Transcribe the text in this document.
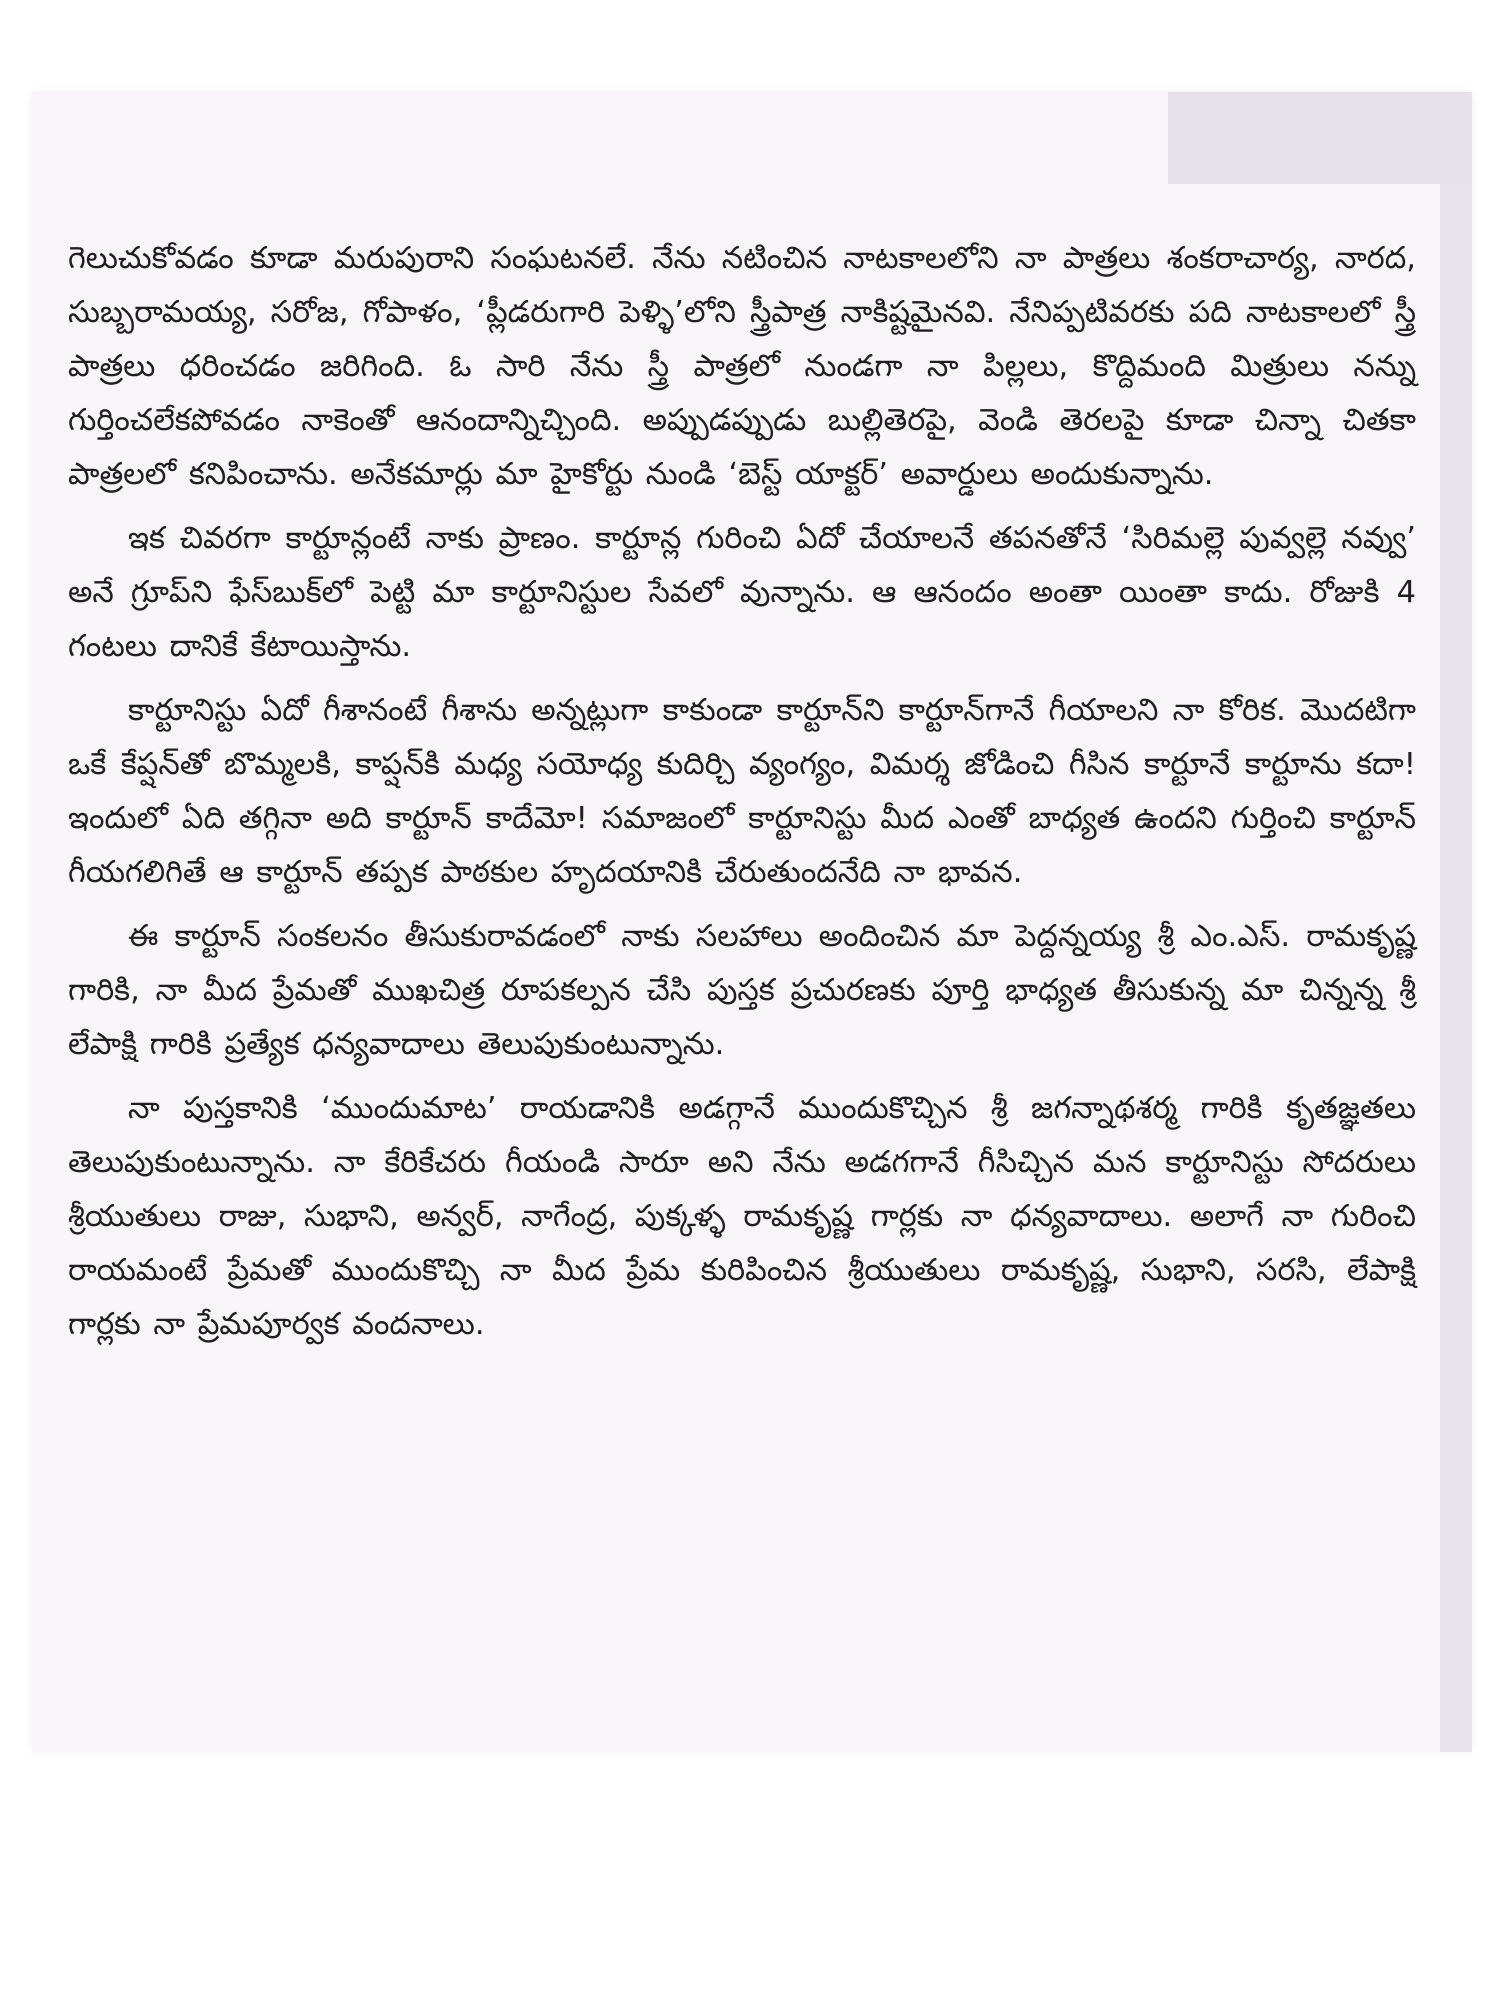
గెలుచుకోవడం కూడా మరుపురాని సంఘటనలే. నేను నటించిన నాటకాలలోని నా పాత్రలు శంకరాచార్య, నారద, సుబ్బరామయ్య, సరోజ, గోపాళం, ‘ప్లీడరుగారి పెళ్ళి’లోని స్త్రీపాత్ర నాకిష్టమైనవి. నేనిప్పటివరకు పది నాటకాలలో స్త్రీ పాత్రలు ధరించడం జరిగింది. ఓ సారి నేను స్త్రీ పాత్రలో నుండగా నా పిల్లలు, కొద్దిమంది మిత్రులు నన్ను గుర్తించలేకపోవడం నాకెంతో ఆనందాన్నిచ్చింది. అప్పుడప్పుడు బుల్లితెరపై, వెండి తెరలపై కూడా చిన్నా చితకా పాత్రలలో కనిపించాను. అనేకమార్లు మా హైకోర్టు నుండి ‘బెస్ట్ యాక్టర్’ అవార్డులు అందుకున్నాను.

ఇక చివరగా కార్టూన్లంటే నాకు ప్రాణం. కార్టూన్ల గురించి ఏదో చేయాలనే తపనతోనే ‘సిరిమల్లె పువ్వల్లె నవ్వు’ అనే గ్రూప్‌ని ఫేస్‌బుక్‌లో పెట్టి మా కార్టూనిస్టుల సేవలో వున్నాను. ఆ ఆనందం అంతా యింతా కాదు. రోజుకి 4 గంటలు దానికే కేటాయిస్తాను.

కార్టూనిస్టు ఏదో గీశానంటే గీశాను అన్నట్లుగా కాకుండా కార్టూన్‌ని కార్టూన్‌గానే గీయాలని నా కోరిక. మొదటిగా ఒకే కేప్షన్‌తో బొమ్మలకి, కాప్షన్‌కి మధ్య సయోధ్య కుదిర్చి వ్యంగ్యం, విమర్శ జోడించి గీసిన కార్టూనే కార్టూను కదా! ఇందులో ఏది తగ్గినా అది కార్టూన్ కాదేమో! సమాజంలో కార్టూనిస్టు మీద ఎంతో బాధ్యత ఉందని గుర్తించి కార్టూన్ గీయగలిగితే ఆ కార్టూన్ తప్పక పాఠకుల హృదయానికి చేరుతుందనేది నా భావన.

ఈ కార్టూన్ సంకలనం తీసుకురావడంలో నాకు సలహాలు అందించిన మా పెద్దన్నయ్య శ్రీ ఎం.ఎస్. రామకృష్ణ గారికి, నా మీద ప్రేమతో ముఖచిత్ర రూపకల్పన చేసి పుస్తక ప్రచురణకు పూర్తి భాధ్యత తీసుకున్న మా చిన్నన్న శ్రీ లేపాక్షి గారికి ప్రత్యేక ధన్యవాదాలు తెలుపుకుంటున్నాను.

నా పుస్తకానికి ‘ముందుమాట’ రాయడానికి అడగ్గానే ముందుకొచ్చిన శ్రీ జగన్నాథశర్మ గారికి కృతజ్ఞతలు తెలుపుకుంటున్నాను. నా కేరికేచరు గీయండి సారూ అని నేను అడగగానే గీసిచ్చిన మన కార్టూనిస్టు సోదరులు శ్రీయుతులు రాజు, సుభాని, అన్వర్, నాగేంద్ర, పుక్కళ్ళ రామకృష్ణ గార్లకు నా ధన్యవాదాలు. అలాగే నా గురించి రాయమంటే ప్రేమతో ముందుకొచ్చి నా మీద ప్రేమ కురిపించిన శ్రీయుతులు రామకృష్ణ, సుభాని, సరసి, లేపాక్షి గార్లకు నా ప్రేమపూర్వక వందనాలు.
